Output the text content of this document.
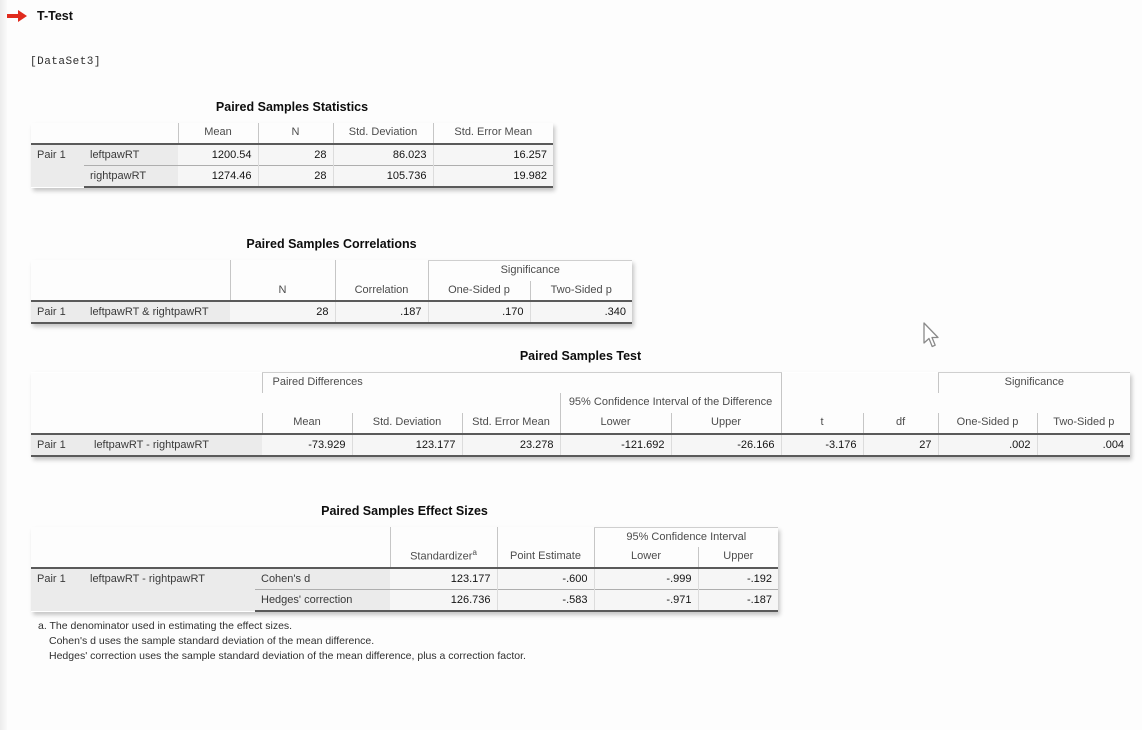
T-Test
[DataSet3]
Paired Samples Statistics
		Mean	N	Std. Deviation	Std. Error Mean
Pair 1	leftpawRT	1200.54	28	86.023	16.257
	rightpawRT	1274.46	28	105.736	19.982
Paired Samples Correlations
		N	Correlation	Significance	
				One-Sided p	Two-Sided p
Pair 1	leftpawRT & rightpawRT	28	.187	.170	.340
Paired Samples Test
		Paired Differences							Significance	
					95% Confidence Interval of the Difference					
		Mean	Std. Deviation	Std. Error Mean	Lower	Upper	t	df	One-Sided p	Two-Sided p
Pair 1	leftpawRT - rightpawRT	-73.929	123.177	23.278	-121.692	-26.166	-3.176	27	.002	.004
Paired Samples Effect Sizes
			Standardizer$^a$	Point Estimate	95% Confidence Interval	
					Lower	Upper
Pair 1	leftpawRT - rightpawRT	Cohen's d	123.177	-.600	-.999	-.192
		Hedges' correction	126.736	-.583	-.971	-.187
a. The denominator used in estimating the effect sizes.
Cohen's d uses the sample standard deviation of the mean difference.
Hedges' correction uses the sample standard deviation of the mean difference, plus a correction factor.
